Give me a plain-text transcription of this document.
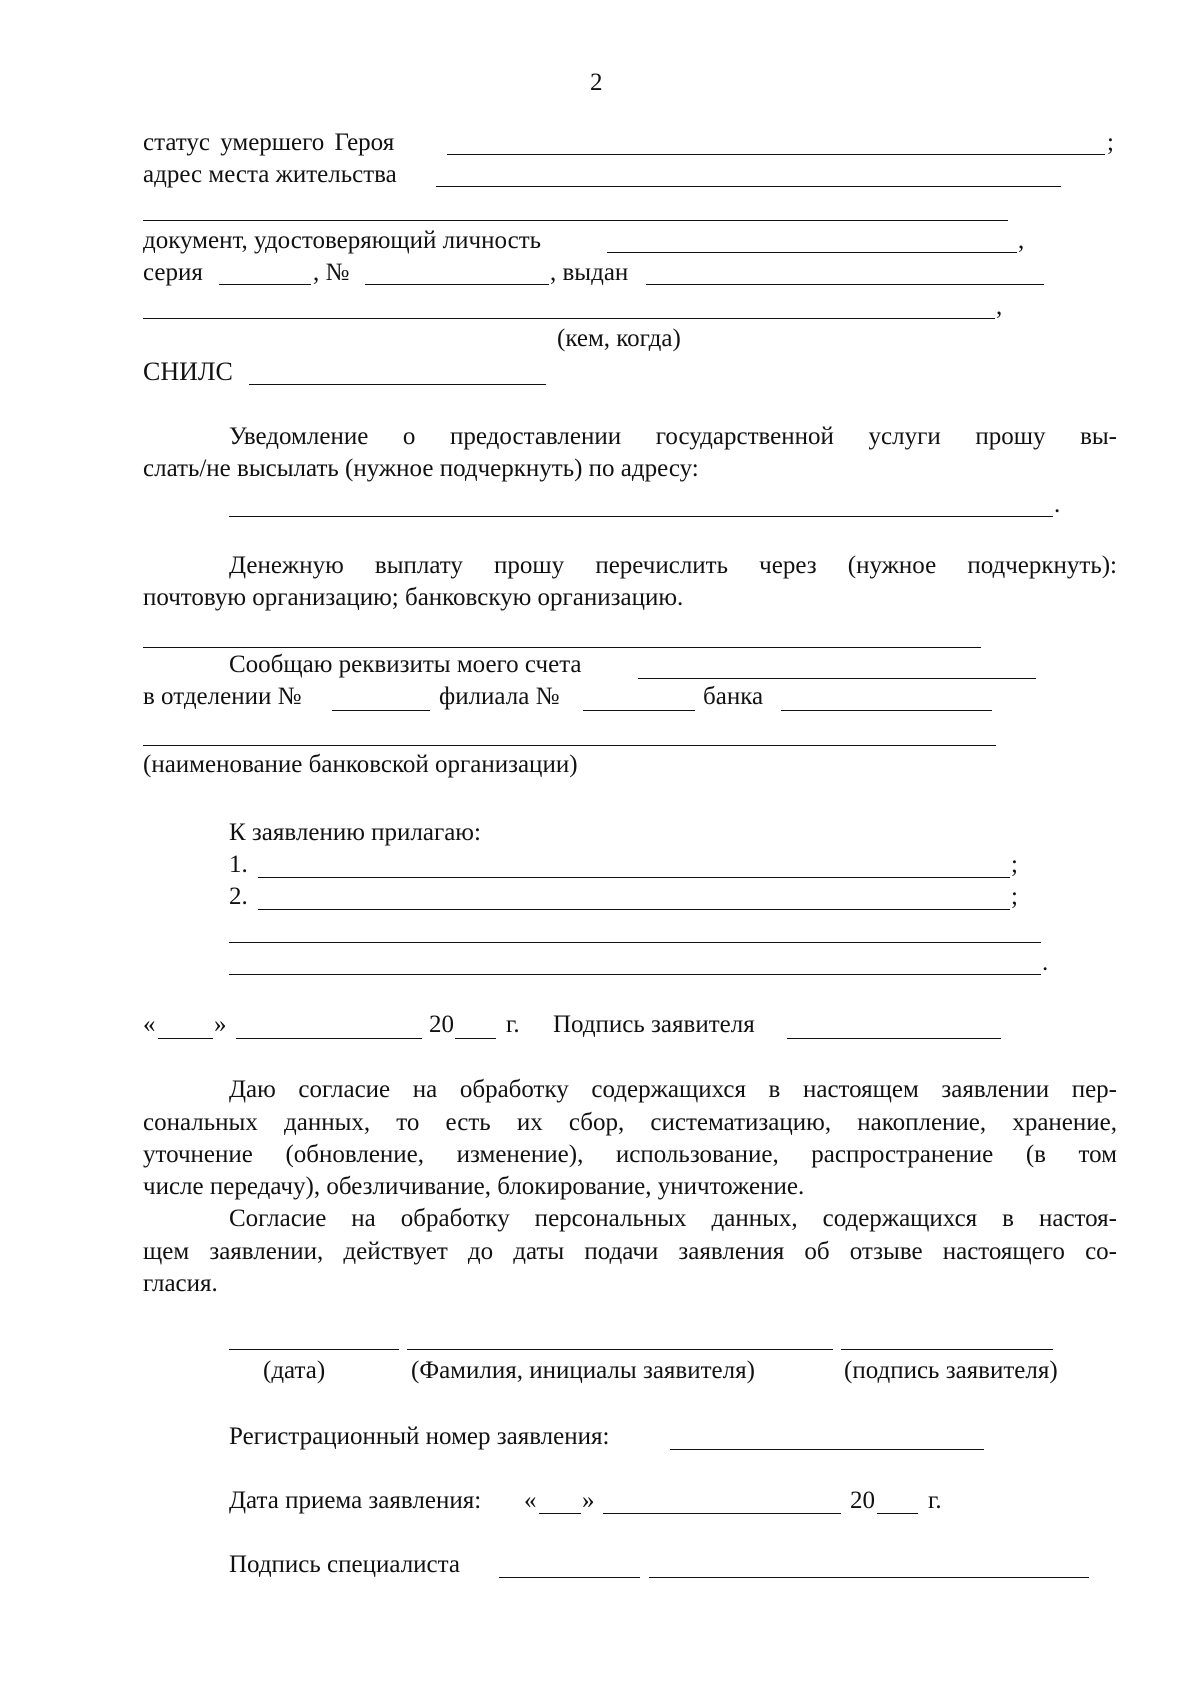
2
статус умершего Героя	;
адрес места жительства
документ, удостоверяющий личность	,
серия	, №	, выдан
,
(кем, когда)
СНИЛС
Уведомление о предоставлении государственной услуги прошу вы-
слать/не высылать (нужное подчеркнуть) по адресу:
.
Денежную выплату прошу перечислить через (нужное подчеркнуть):
почтовую организацию; банковскую организацию.
Сообщаю реквизиты моего счета
в отделении №	филиала №	банка
(наименование банковской организации)
К заявлению прилагаю:
1.	;
2.	;
.
« »	20 г. Подпись заявителя
Даю согласие на обработку содержащихся в настоящем заявлении пер-
сональных данных, то есть их сбор, систематизацию, накопление, хранение,
уточнение (обновление, изменение), использование, распространение (в том
числе передачу), обезличивание, блокирование, уничтожение.
Согласие на обработку персональных данных, содержащихся в настоя-
щем заявлении, действует до даты подачи заявления об отзыве настоящего со-
гласия.
(дата)	(Фамилия, инициалы заявителя)	(подпись заявителя)
Регистрационный номер заявления:
Дата приема заявления: « »	20 г.
Подпись специалиста
